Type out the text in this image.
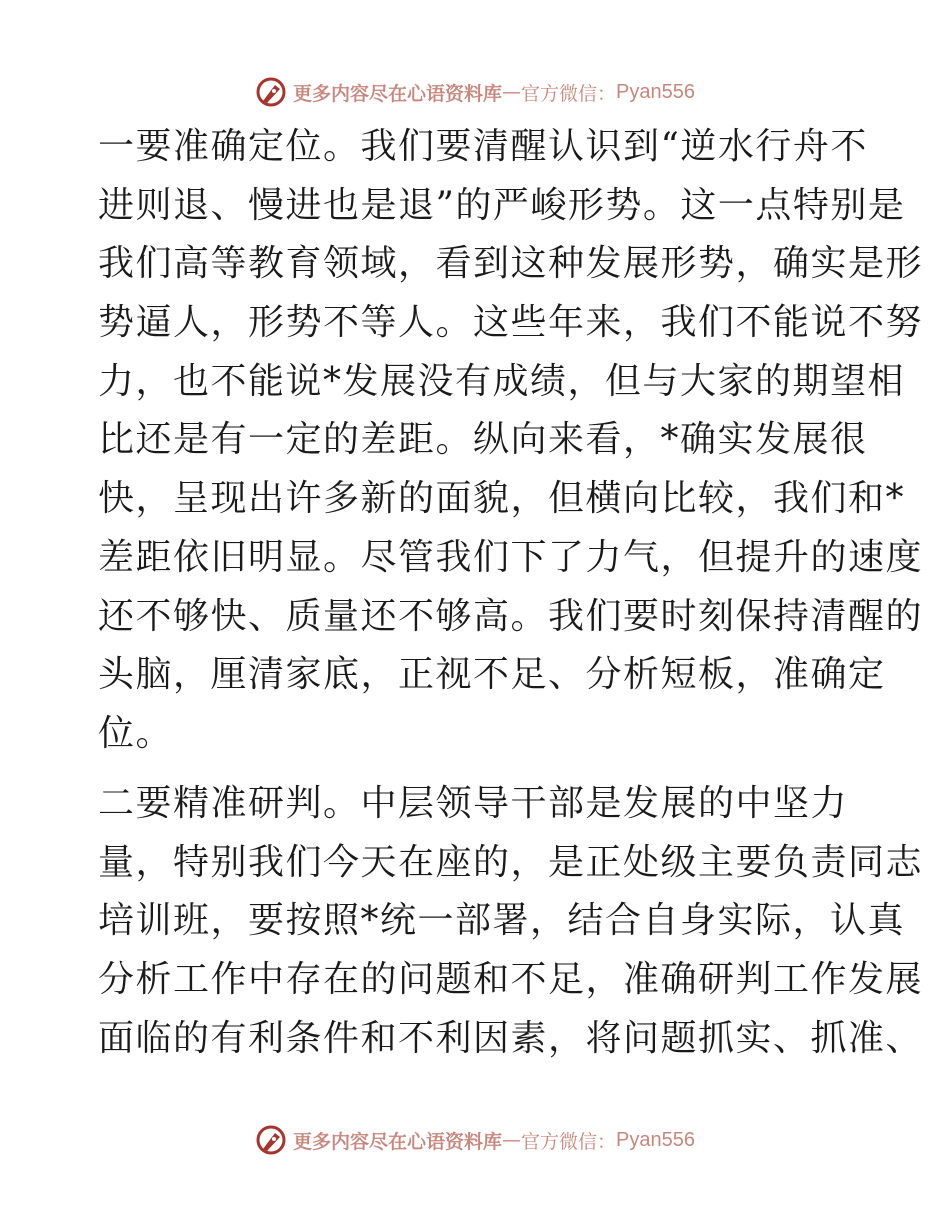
更多内容尽在心语资料库 — 官方微信： Pyan556
一要准确定位。我们要清醒认识到“逆水行舟不
进则退、慢进也是退”的严峻形势。这一点特别是
我们高等教育领域，看到这种发展形势，确实是形
势逼人，形势不等人。这些年来，我们不能说不努
力，也不能说*发展没有成绩，但与大家的期望相
比还是有一定的差距。纵向来看，*确实发展很
快，呈现出许多新的面貌，但横向比较，我们和*
差距依旧明显。尽管我们下了力气，但提升的速度
还不够快、质量还不够高。我们要时刻保持清醒的
头脑，厘清家底，正视不足、分析短板，准确定
位。
二要精准研判。中层领导干部是发展的中坚力
量，特别我们今天在座的，是正处级主要负责同志
培训班，要按照*统一部署，结合自身实际，认真
分析工作中存在的问题和不足，准确研判工作发展
面临的有利条件和不利因素，将问题抓实、抓准、
更多内容尽在心语资料库 — 官方微信： Pyan556
